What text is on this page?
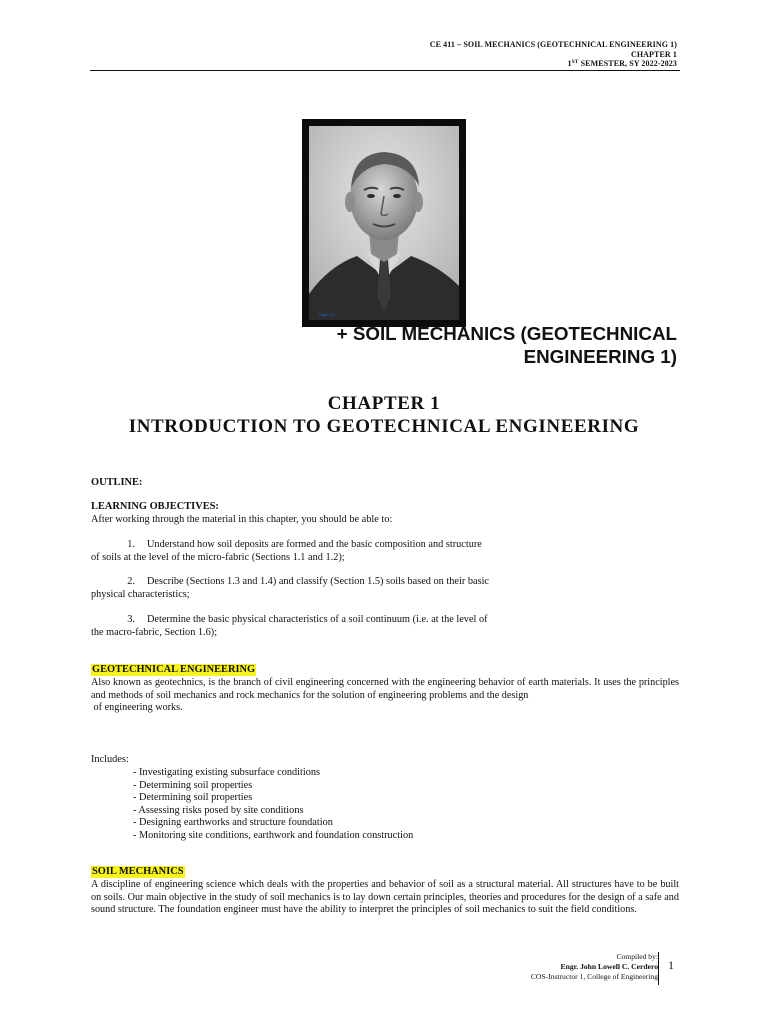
CE 411 – SOIL MECHANICS (GEOTECHNICAL ENGINEERING 1)
CHAPTER 1
1ST SEMESTER, SY 2022-2023
Figure 1.1 Karl Terzaghi (1883–1963) (SSPL via Getty Images)
+ SOIL MECHANICS (GEOTECHNICAL
ENGINEERING 1)
CHAPTER 1
INTRODUCTION TO GEOTECHNICAL ENGINEERING
OUTLINE:
LEARNING OBJECTIVES:
After working through the material in this chapter, you should be able to:
1. Understand how soil deposits are formed and the basic composition and structure
of soils at the level of the micro-fabric (Sections 1.1 and 1.2);
2. Describe (Sections 1.3 and 1.4) and classify (Section 1.5) soils based on their basic
physical characteristics;
3. Determine the basic physical characteristics of a soil continuum (i.e. at the level of
the macro-fabric, Section 1.6);
GEOTECHNICAL ENGINEERING
Also known as geotechnics, is the branch of civil engineering concerned with the engineering behavior of earth materials. It uses the principles and methods of soil mechanics and rock mechanics for the solution of engineering problems and the design
of engineering works.
Includes:
- Investigating existing subsurface conditions
- Determining soil properties
- Determining soil properties
- Assessing risks posed by site conditions
- Designing earthworks and structure foundation
- Monitoring site conditions, earthwork and foundation construction
SOIL MECHANICS
A discipline of engineering science which deals with the properties and behavior of soil as a structural material. All structures have to be built on soils. Our main objective in the study of soil mechanics is to lay down certain principles, theories and procedures for the design of a safe and sound structure. The foundation engineer must have the ability to interpret the principles of soil mechanics to suit the field conditions.
Compiled by:
Engr. John Lowell C. Cerdero
COS-Instructor 1, College of Engineering
1
